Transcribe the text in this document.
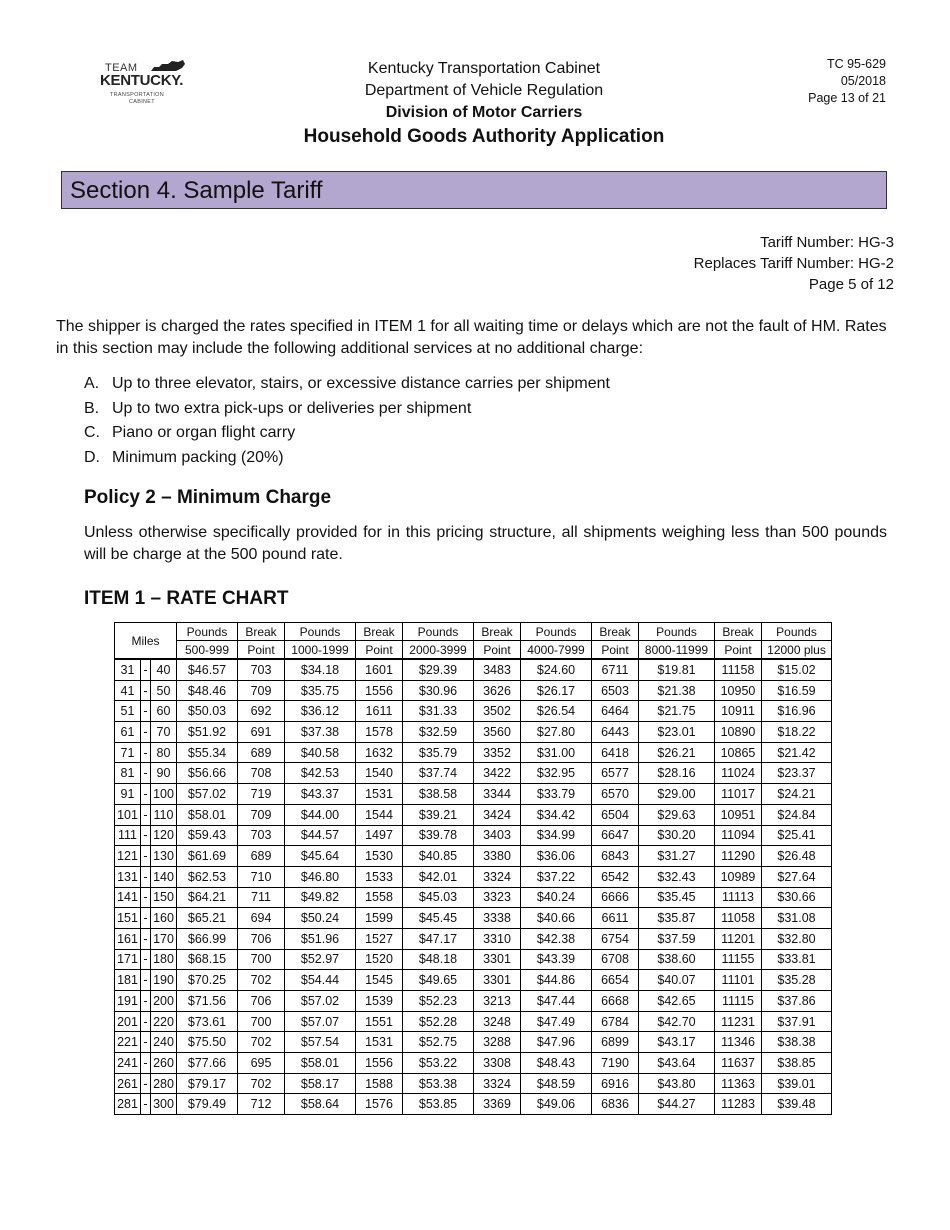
TEAM
KENTUCKY.
TRANSPORTATION
CABINET
Kentucky Transportation Cabinet
Department of Vehicle Regulation
Division of Motor Carriers
Household Goods Authority Application
TC 95-629
05/2018
Page 13 of 21
Section 4. Sample Tariff
Tariff Number: HG-3
Replaces Tariff Number: HG-2
Page 5 of 12
The shipper is charged the rates specified in ITEM 1 for all waiting time or delays which are not the fault of HM. Rates in this section may include the following additional services at no additional charge:
A. Up to three elevator, stairs, or excessive distance carries per shipment
B. Up to two extra pick-ups or deliveries per shipment
C. Piano or organ flight carry
D. Minimum packing (20%)
Policy 2 – Minimum Charge
Unless otherwise specifically provided for in this pricing structure, all shipments weighing less than 500 pounds will be charge at the 500 pound rate.
ITEM 1 – RATE CHART
Miles			Pounds	Break	Pounds	Break	Pounds	Break	Pounds	Break	Pounds	Break	Pounds
			500-999	Point	1000-1999	Point	2000-3999	Point	4000-7999	Point	8000-11999	Point	12000 plus
31	-	40	$46.57	703	$34.18	1601	$29.39	3483	$24.60	6711	$19.81	11158	$15.02
41	-	50	$48.46	709	$35.75	1556	$30.96	3626	$26.17	6503	$21.38	10950	$16.59
51	-	60	$50.03	692	$36.12	1611	$31.33	3502	$26.54	6464	$21.75	10911	$16.96
61	-	70	$51.92	691	$37.38	1578	$32.59	3560	$27.80	6443	$23.01	10890	$18.22
71	-	80	$55.34	689	$40.58	1632	$35.79	3352	$31.00	6418	$26.21	10865	$21.42
81	-	90	$56.66	708	$42.53	1540	$37.74	3422	$32.95	6577	$28.16	11024	$23.37
91	-	100	$57.02	719	$43.37	1531	$38.58	3344	$33.79	6570	$29.00	11017	$24.21
101	-	110	$58.01	709	$44.00	1544	$39.21	3424	$34.42	6504	$29.63	10951	$24.84
111	-	120	$59.43	703	$44.57	1497	$39.78	3403	$34.99	6647	$30.20	11094	$25.41
121	-	130	$61.69	689	$45.64	1530	$40.85	3380	$36.06	6843	$31.27	11290	$26.48
131	-	140	$62.53	710	$46.80	1533	$42.01	3324	$37.22	6542	$32.43	10989	$27.64
141	-	150	$64.21	711	$49.82	1558	$45.03	3323	$40.24	6666	$35.45	11113	$30.66
151	-	160	$65.21	694	$50.24	1599	$45.45	3338	$40.66	6611	$35.87	11058	$31.08
161	-	170	$66.99	706	$51.96	1527	$47.17	3310	$42.38	6754	$37.59	11201	$32.80
171	-	180	$68.15	700	$52.97	1520	$48.18	3301	$43.39	6708	$38.60	11155	$33.81
181	-	190	$70.25	702	$54.44	1545	$49.65	3301	$44.86	6654	$40.07	11101	$35.28
191	-	200	$71.56	706	$57.02	1539	$52.23	3213	$47.44	6668	$42.65	11115	$37.86
201	-	220	$73.61	700	$57.07	1551	$52.28	3248	$47.49	6784	$42.70	11231	$37.91
221	-	240	$75.50	702	$57.54	1531	$52.75	3288	$47.96	6899	$43.17	11346	$38.38
241	-	260	$77.66	695	$58.01	1556	$53.22	3308	$48.43	7190	$43.64	11637	$38.85
261	-	280	$79.17	702	$58.17	1588	$53.38	3324	$48.59	6916	$43.80	11363	$39.01
281	-	300	$79.49	712	$58.64	1576	$53.85	3369	$49.06	6836	$44.27	11283	$39.48
